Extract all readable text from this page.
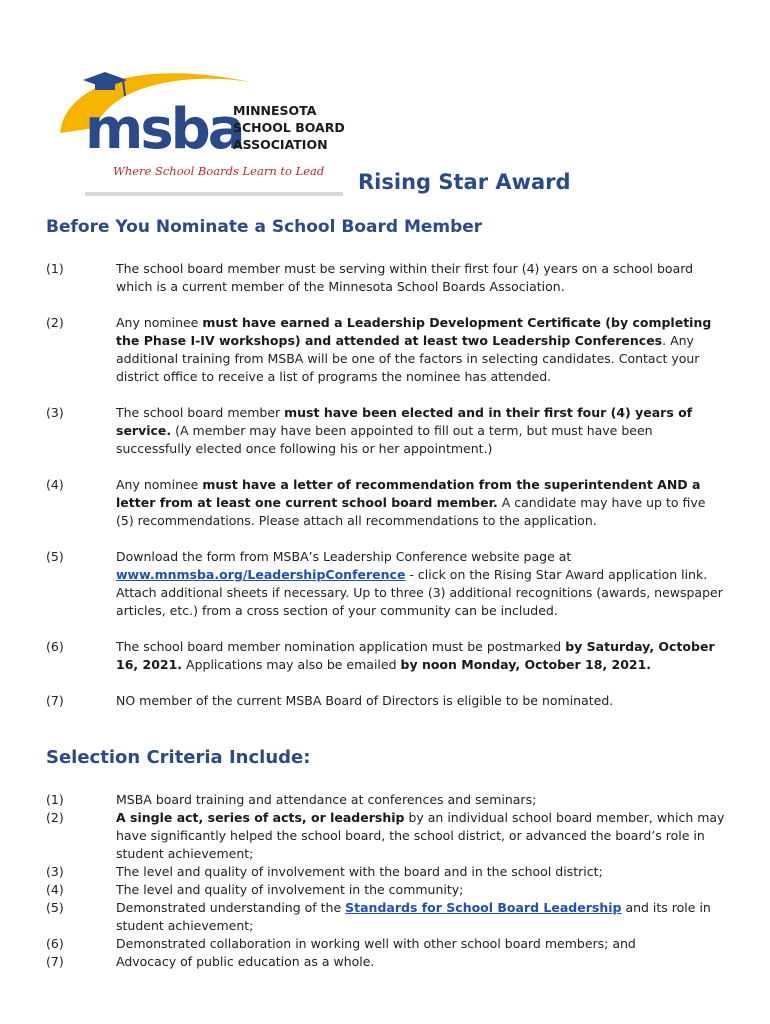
msba
MINNESOTA
SCHOOL BOARDS
ASSOCIATION
Where School Boards Learn to Lead Rising Star Award
Before You Nominate a School Board Member
(1)	The school board member must be serving within their first four (4) years on a school board which is a current member of the Minnesota School Boards Association.
(2)	Any nominee must have earned a Leadership Development Certificate (by completing the Phase I-IV workshops) and attended at least two Leadership Conferences. Any additional training from MSBA will be one of the factors in selecting candidates. Contact your district office to receive a list of programs the nominee has attended.
(3)	The school board member must have been elected and in their first four (4) years of service. (A member may have been appointed to fill out a term, but must have been successfully elected once following his or her appointment.)
(4)	Any nominee must have a letter of recommendation from the superintendent AND a letter from at least one current school board member. A candidate may have up to five (5) recommendations. Please attach all recommendations to the application.
(5)	Download the form from MSBA’s Leadership Conference website page at www.mnmsba.org/LeadershipConference - click on the Rising Star Award application link. Attach additional sheets if necessary. Up to three (3) additional recognitions (awards, newspaper articles, etc.) from a cross section of your community can be included.
(6)	The school board member nomination application must be postmarked by Saturday, October 16, 2021. Applications may also be emailed by noon Monday, October 18, 2021.
(7)	NO member of the current MSBA Board of Directors is eligible to be nominated.
Selection Criteria Include:
(1)	MSBA board training and attendance at conferences and seminars;
(2)	A single act, series of acts, or leadership by an individual school board member, which may have significantly helped the school board, the school district, or advanced the board’s role in student achievement;
(3)	The level and quality of involvement with the board and in the school district;
(4)	The level and quality of involvement in the community;
(5)	Demonstrated understanding of the Standards for School Board Leadership and its role in student achievement;
(6)	Demonstrated collaboration in working well with other school board members; and
(7)	Advocacy of public education as a whole.
